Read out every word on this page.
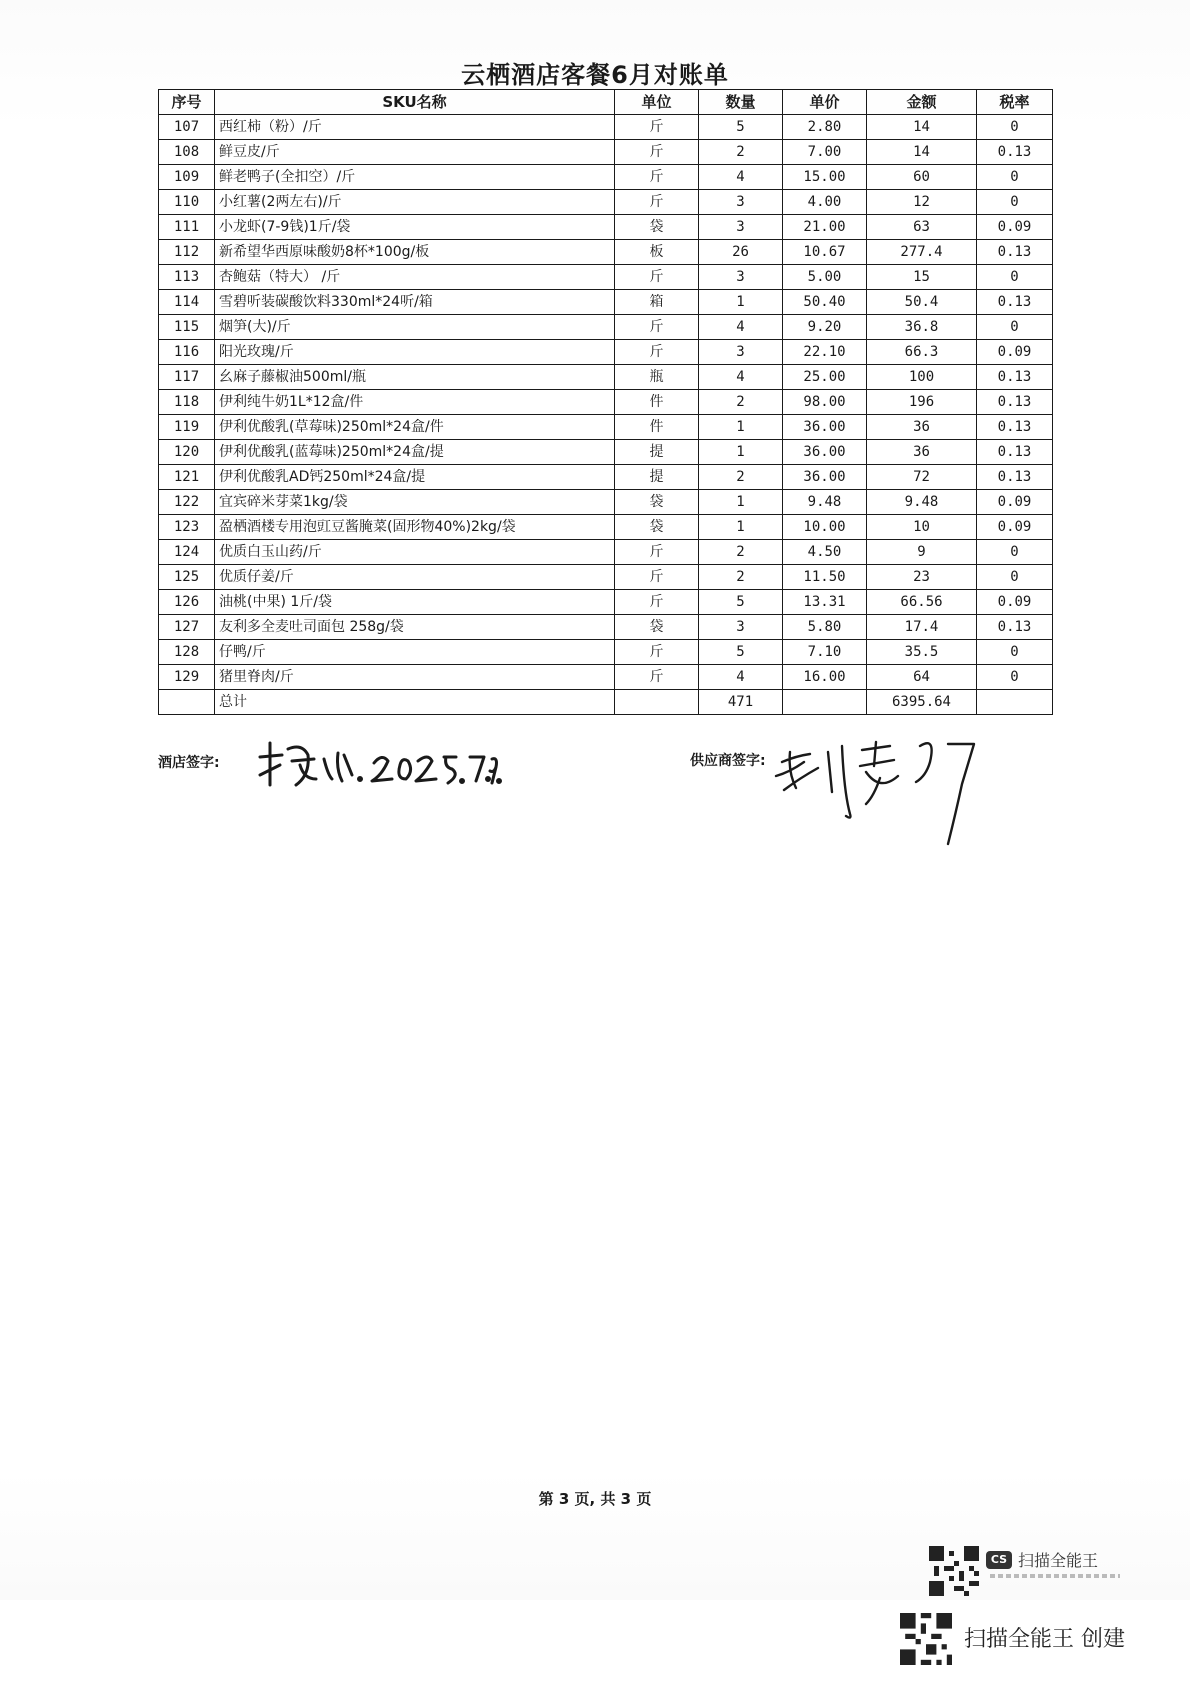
云栖酒店客餐6月对账单
序号	SKU名称	单位	数量	单价	金额	税率
107	西红柿（粉）/斤	斤	5	2.80	14	0
108	鲜豆皮/斤	斤	2	7.00	14	0.13
109	鲜老鸭子(全扣空）/斤	斤	4	15.00	60	0
110	小红薯(2两左右)/斤	斤	3	4.00	12	0
111	小龙虾(7-9钱)1斤/袋	袋	3	21.00	63	0.09
112	新希望华西原味酸奶8杯*100g/板	板	26	10.67	277.4	0.13
113	杏鲍菇（特大） /斤	斤	3	5.00	15	0
114	雪碧听装碳酸饮料330ml*24听/箱	箱	1	50.40	50.4	0.13
115	烟笋(大)/斤	斤	4	9.20	36.8	0
116	阳光玫瑰/斤	斤	3	22.10	66.3	0.09
117	幺麻子藤椒油500ml/瓶	瓶	4	25.00	100	0.13
118	伊利纯牛奶1L*12盒/件	件	2	98.00	196	0.13
119	伊利优酸乳(草莓味)250ml*24盒/件	件	1	36.00	36	0.13
120	伊利优酸乳(蓝莓味)250ml*24盒/提	提	1	36.00	36	0.13
121	伊利优酸乳AD钙250ml*24盒/提	提	2	36.00	72	0.13
122	宜宾碎米芽菜1kg/袋	袋	1	9.48	9.48	0.09
123	盈栖酒楼专用泡豇豆酱腌菜(固形物40%)2kg/袋	袋	1	10.00	10	0.09
124	优质白玉山药/斤	斤	2	4.50	9	0
125	优质仔姜/斤	斤	2	11.50	23	0
126	油桃(中果) 1斤/袋	斤	5	13.31	66.56	0.09
127	友利多全麦吐司面包 258g/袋	袋	3	5.80	17.4	0.13
128	仔鸭/斤	斤	5	7.10	35.5	0
129	猪里脊肉/斤	斤	4	16.00	64	0
	总计		471		6395.64	
酒店签字:	供应商签字:
第 3 页, 共 3 页
CS 扫描全能王
扫描全能王 创建
